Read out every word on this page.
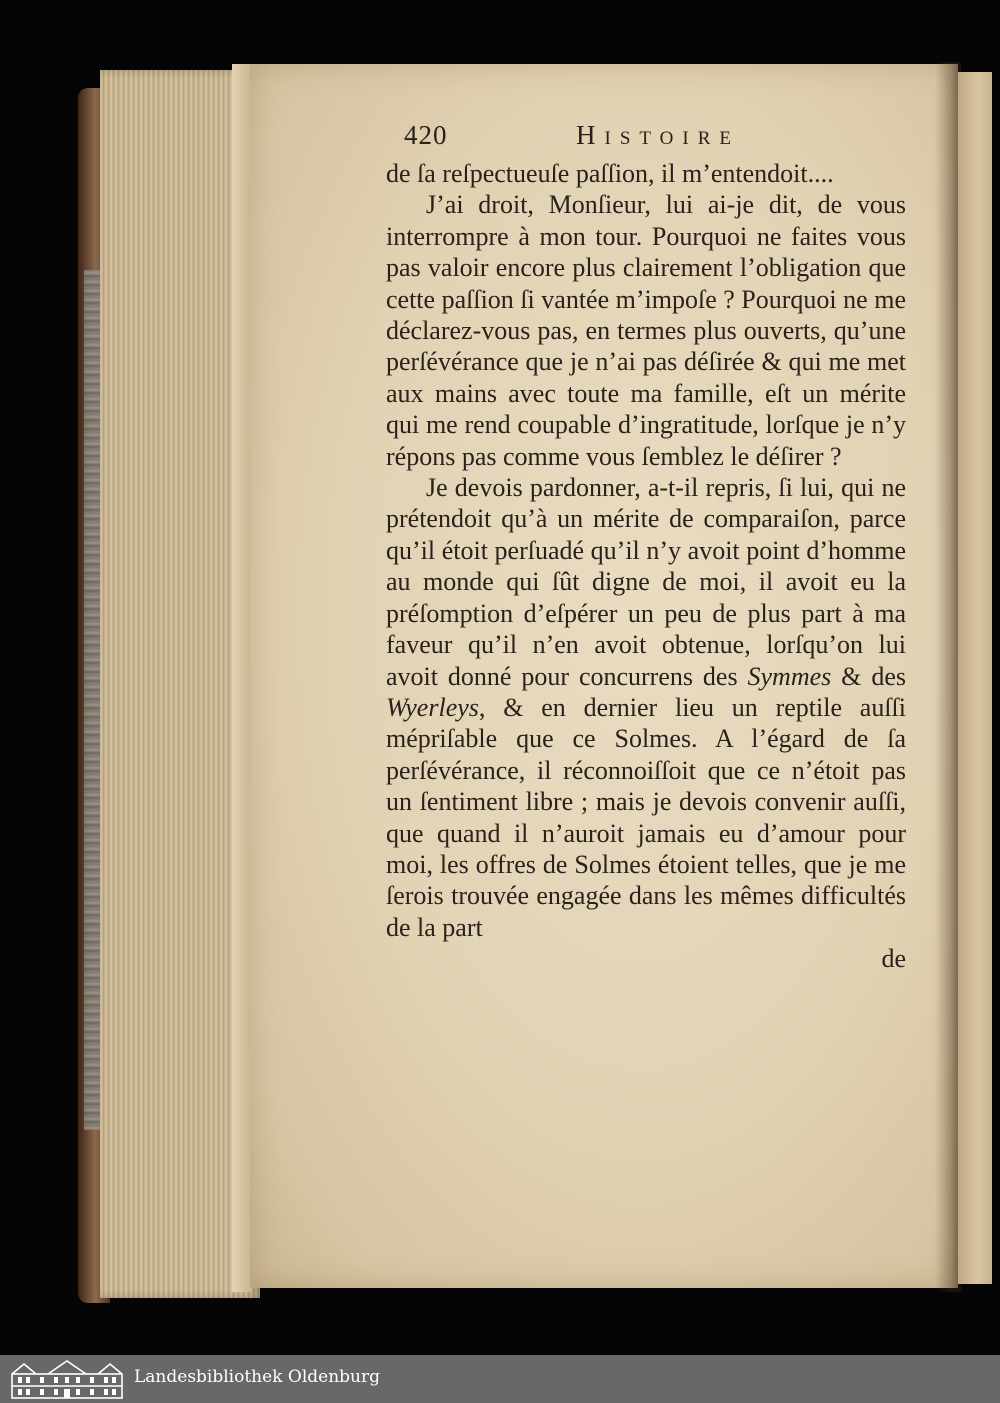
420	Histoire

de ſa reſpectueuſe paſſion, il m’entendoit....

J’ai droit, Monſieur, lui ai-je dit, de vous interrompre à mon tour. Pourquoi ne faites vous pas valoir encore plus clairement l’obligation que cette paſſion ſi vantée m’impoſe ? Pourquoi ne me déclarez-vous pas, en termes plus ouverts, qu’une perſévérance que je n’ai pas déſirée & qui me met aux mains avec toute ma famille, eſt un mérite qui me rend coupable d’ingratitude, lorſque je n’y répons pas comme vous ſemblez le déſirer ?

Je devois pardonner, a-t-il repris, ſi lui, qui ne prétendoit qu’à un mérite de comparaiſon, parce qu’il étoit perſuadé qu’il n’y avoit point d’homme au monde qui ſût digne de moi, il avoit eu la préſomption d’eſpérer un peu de plus part à ma faveur qu’il n’en avoit obtenue, lorſqu’on lui avoit donné pour concurrens des Symmes & des Wyerleys, & en dernier lieu un reptile auſſi mépriſable que ce Solmes. A l’égard de ſa perſévérance, il réconnoiſſoit que ce n’étoit pas un ſentiment libre ; mais je devois convenir auſſi, que quand il n’auroit jamais eu d’amour pour moi, les offres de Solmes étoient telles, que je me ſerois trouvée engagée dans les mêmes difficultés de la part

de

Landesbibliothek Oldenburg
